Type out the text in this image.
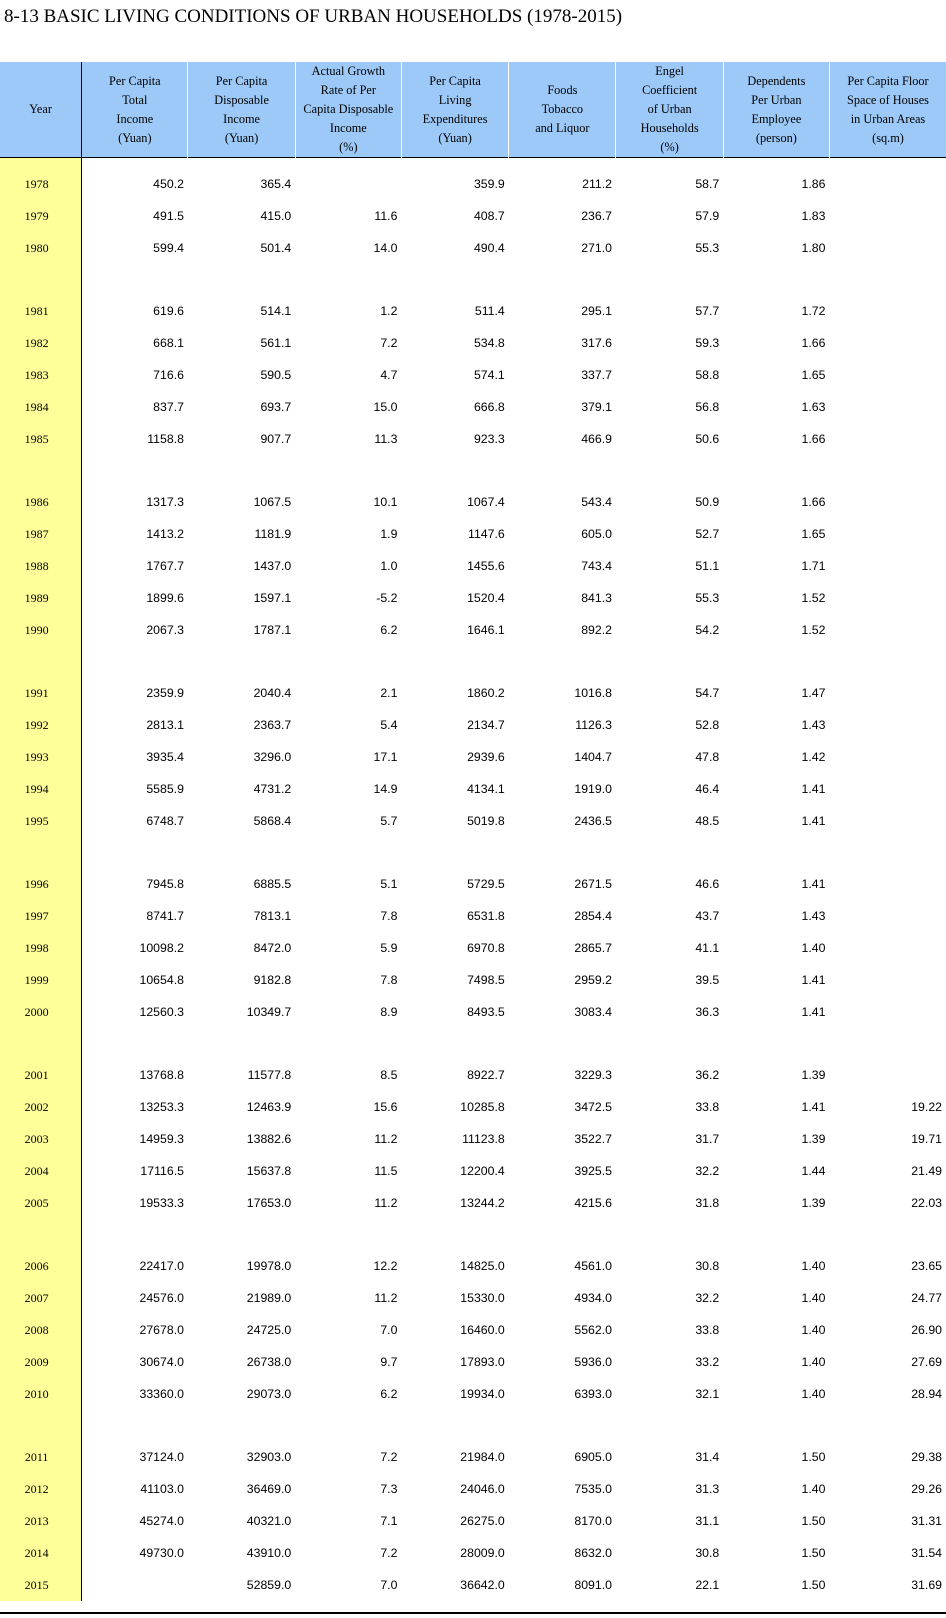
8-13 BASIC LIVING CONDITIONS OF URBAN HOUSEHOLDS (1978-2015)
Year	Per Capita
Total
Income
(Yuan)	Per Capita
Disposable
Income
(Yuan)	Actual Growth
Rate of Per
Capita Disposable
Income
(%)	Per Capita
Living
Expenditures
(Yuan)	Foods
Tobacco
and Liquor	Engel
Coefficient
of Urban
Households
(%)	Dependents
Per Urban
Employee
(person)	Per Capita Floor
Space of Houses
in Urban Areas
(sq.m)
1978	450.2	365.4		359.9	211.2	58.7	1.86	
1979	491.5	415.0	11.6	408.7	236.7	57.9	1.83	
1980	599.4	501.4	14.0	490.4	271.0	55.3	1.80	

1981	619.6	514.1	1.2	511.4	295.1	57.7	1.72	
1982	668.1	561.1	7.2	534.8	317.6	59.3	1.66	
1983	716.6	590.5	4.7	574.1	337.7	58.8	1.65	
1984	837.7	693.7	15.0	666.8	379.1	56.8	1.63	
1985	1158.8	907.7	11.3	923.3	466.9	50.6	1.66	

1986	1317.3	1067.5	10.1	1067.4	543.4	50.9	1.66	
1987	1413.2	1181.9	1.9	1147.6	605.0	52.7	1.65	
1988	1767.7	1437.0	1.0	1455.6	743.4	51.1	1.71	
1989	1899.6	1597.1	-5.2	1520.4	841.3	55.3	1.52	
1990	2067.3	1787.1	6.2	1646.1	892.2	54.2	1.52	

1991	2359.9	2040.4	2.1	1860.2	1016.8	54.7	1.47	
1992	2813.1	2363.7	5.4	2134.7	1126.3	52.8	1.43	
1993	3935.4	3296.0	17.1	2939.6	1404.7	47.8	1.42	
1994	5585.9	4731.2	14.9	4134.1	1919.0	46.4	1.41	
1995	6748.7	5868.4	5.7	5019.8	2436.5	48.5	1.41	

1996	7945.8	6885.5	5.1	5729.5	2671.5	46.6	1.41	
1997	8741.7	7813.1	7.8	6531.8	2854.4	43.7	1.43	
1998	10098.2	8472.0	5.9	6970.8	2865.7	41.1	1.40	
1999	10654.8	9182.8	7.8	7498.5	2959.2	39.5	1.41	
2000	12560.3	10349.7	8.9	8493.5	3083.4	36.3	1.41	

2001	13768.8	11577.8	8.5	8922.7	3229.3	36.2	1.39	
2002	13253.3	12463.9	15.6	10285.8	3472.5	33.8	1.41	19.22
2003	14959.3	13882.6	11.2	11123.8	3522.7	31.7	1.39	19.71
2004	17116.5	15637.8	11.5	12200.4	3925.5	32.2	1.44	21.49
2005	19533.3	17653.0	11.2	13244.2	4215.6	31.8	1.39	22.03

2006	22417.0	19978.0	12.2	14825.0	4561.0	30.8	1.40	23.65
2007	24576.0	21989.0	11.2	15330.0	4934.0	32.2	1.40	24.77
2008	27678.0	24725.0	7.0	16460.0	5562.0	33.8	1.40	26.90
2009	30674.0	26738.0	9.7	17893.0	5936.0	33.2	1.40	27.69
2010	33360.0	29073.0	6.2	19934.0	6393.0	32.1	1.40	28.94

2011	37124.0	32903.0	7.2	21984.0	6905.0	31.4	1.50	29.38
2012	41103.0	36469.0	7.3	24046.0	7535.0	31.3	1.40	29.26
2013	45274.0	40321.0	7.1	26275.0	8170.0	31.1	1.50	31.31
2014	49730.0	43910.0	7.2	28009.0	8632.0	30.8	1.50	31.54
2015		52859.0	7.0	36642.0	8091.0	22.1	1.50	31.69
